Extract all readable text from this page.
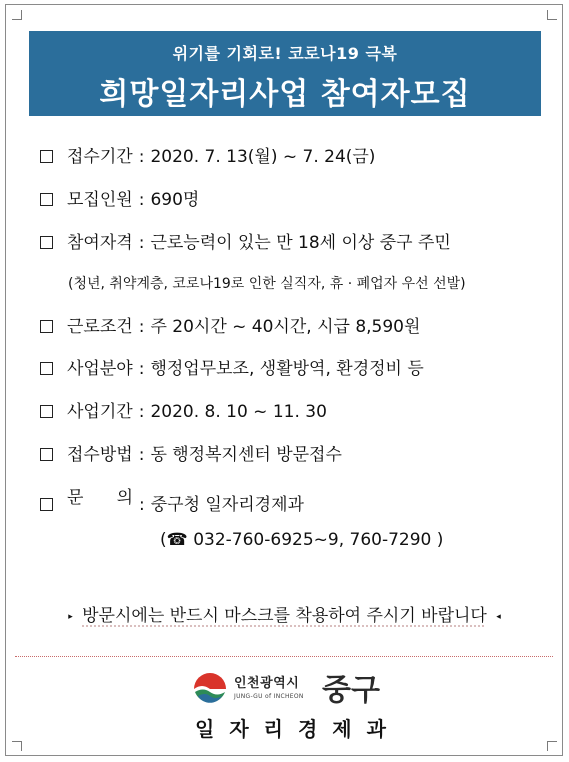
위기를 기회로! 코로나19 극복
희망일자리사업 참여자모집
접수기간 : 2020. 7. 13(월) ~ 7. 24(금)
모집인원 : 690명
참여자격 : 근로능력이 있는 만 18세 이상 중구 주민
(청년, 취약계층, 코로나19로 인한 실직자, 휴 · 폐업자 우선 선발)
근로조건 : 주 20시간 ~ 40시간, 시급 8,590원
사업분야 : 행정업무보조, 생활방역, 환경정비 등
사업기간 : 2020. 8. 10 ~ 11. 30
접수방법 : 동 행정복지센터 방문접수
문 의 : 중구청 일자리경제과
(☎ 032-760-6925~9, 760-7290 )
▸ 방문시에는 반드시 마스크를 착용하여 주시기 바랍니다 ◂
인천광역시
JUNG-GU of INCHEON 중구
일자리경제과
